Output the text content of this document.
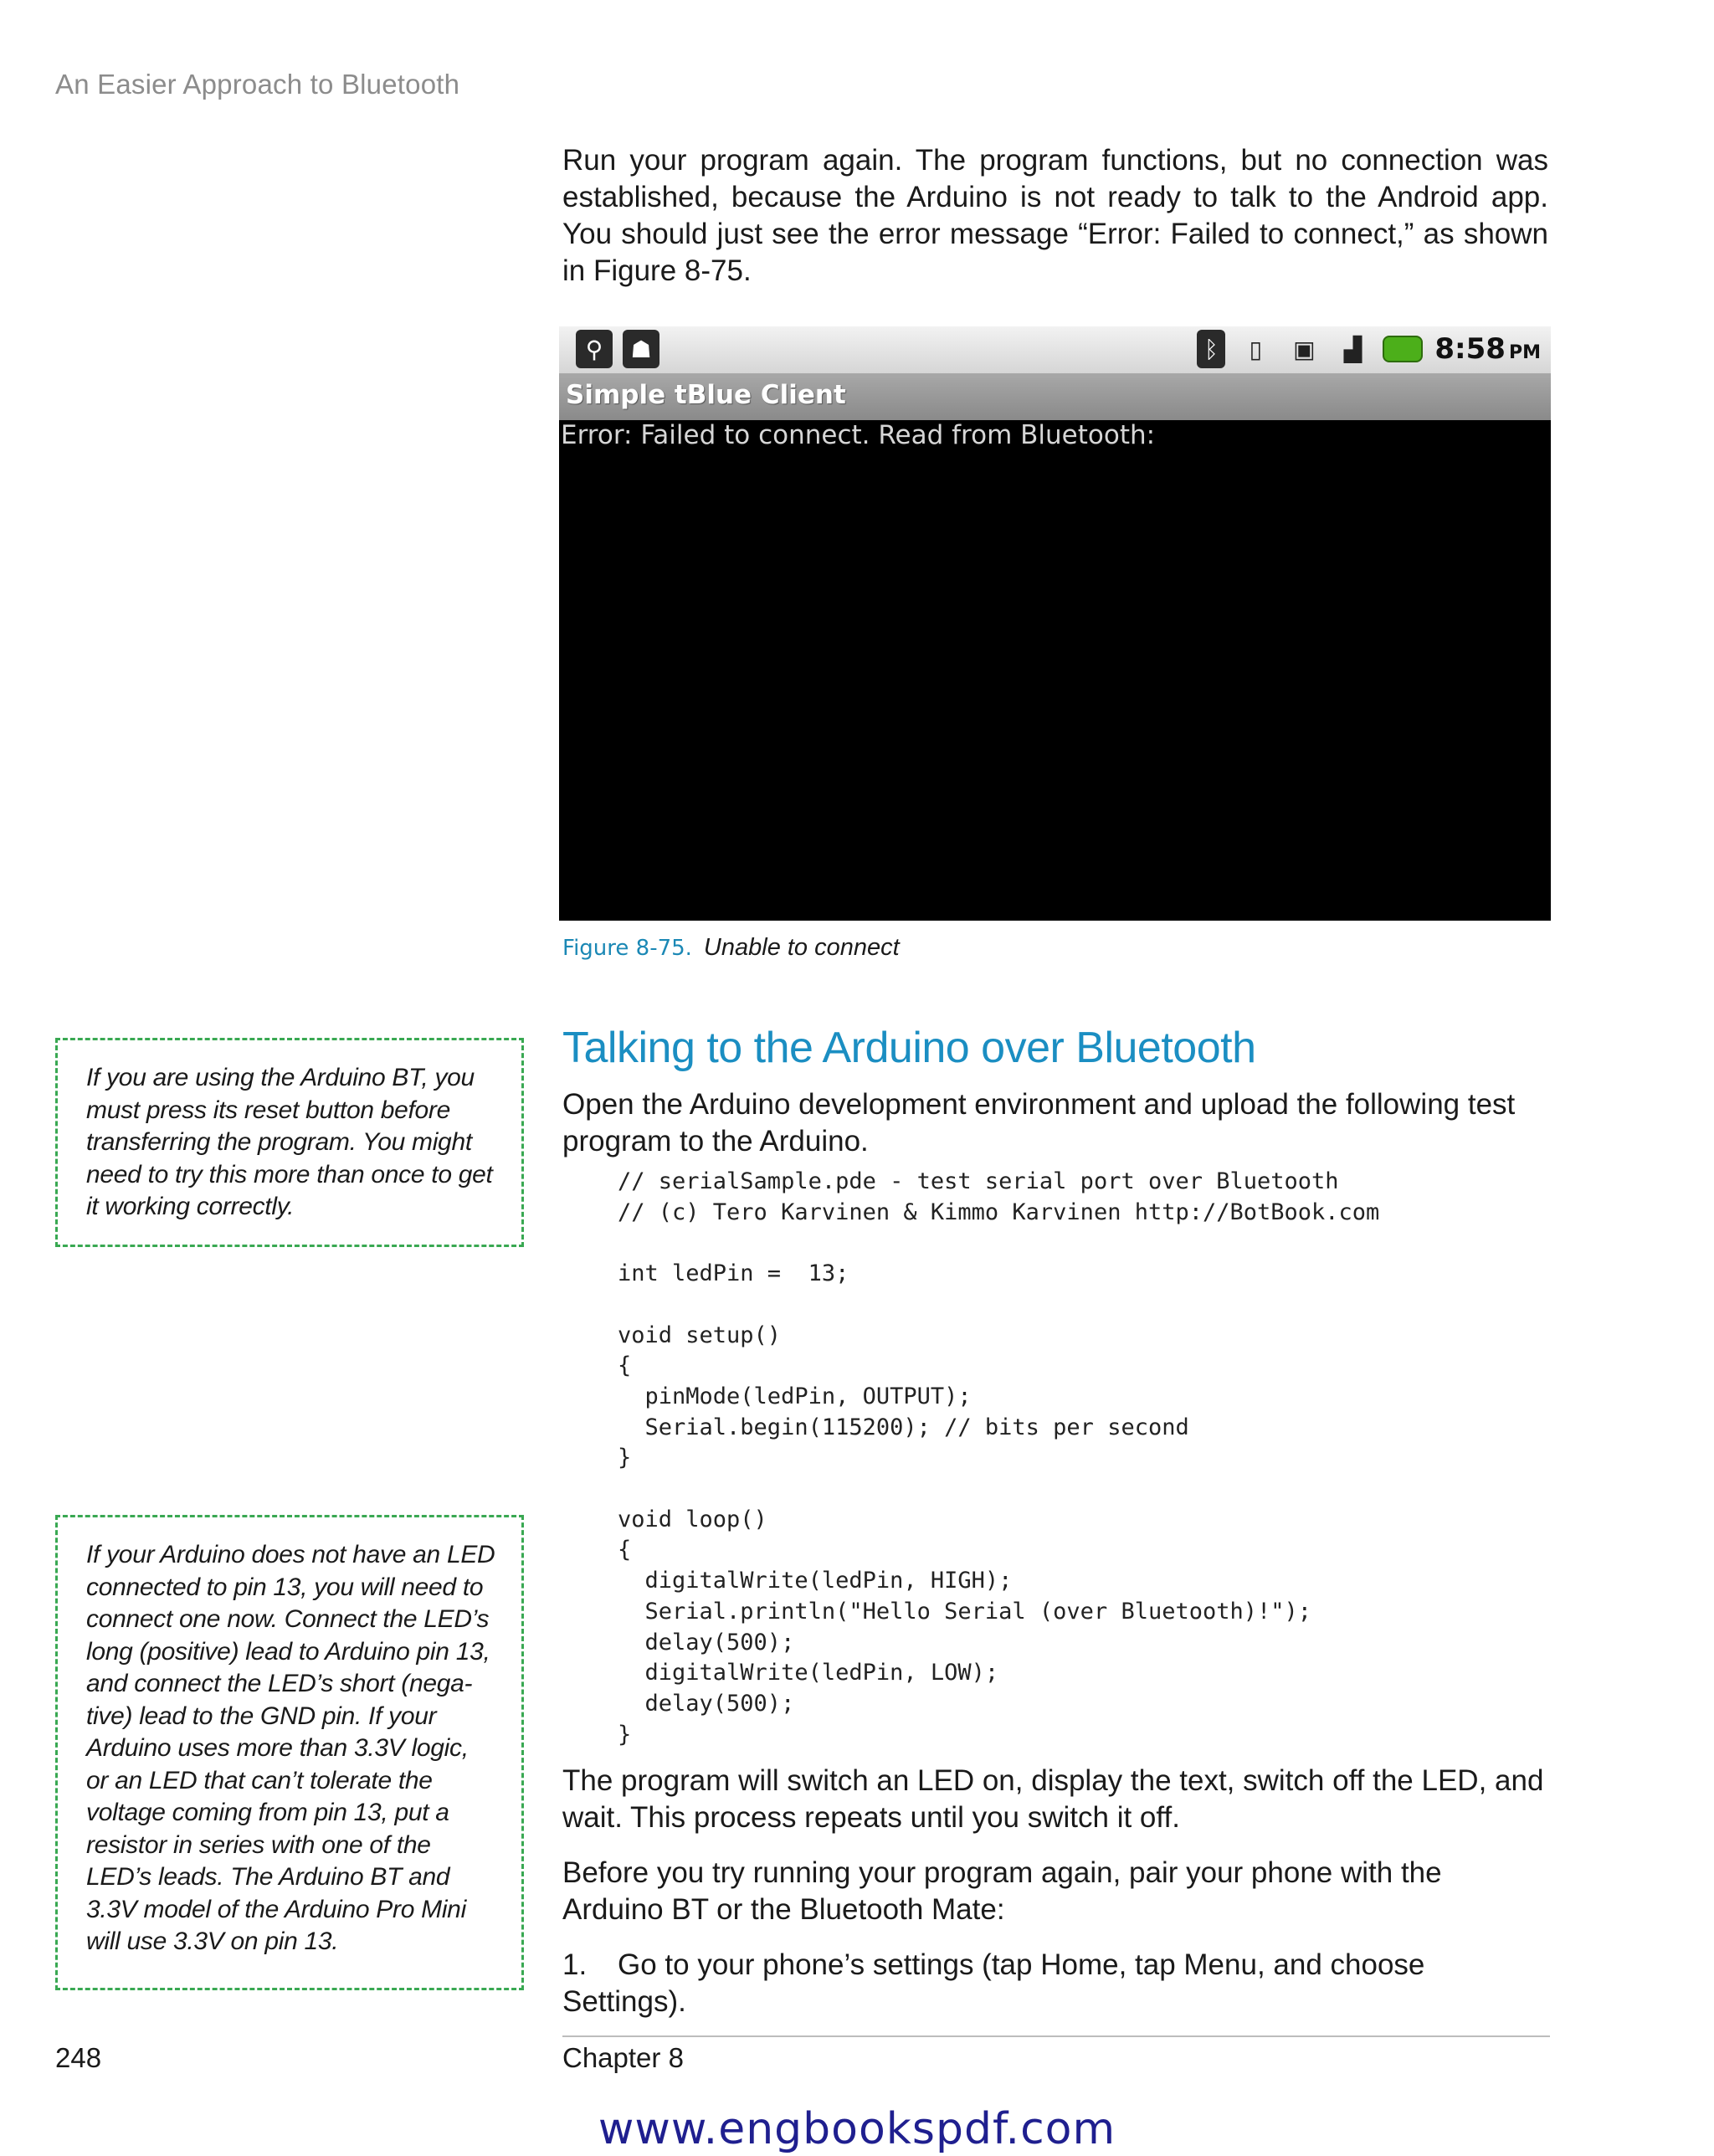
An Easier Approach to Bluetooth

Run your program again. The program functions, but no connection was established, because the Arduino is not ready to talk to the Android app. You should just see the error message “Error: Failed to connect,” as shown in Figure 8-75.

⚲	☗	ᛒ	▯	▣	▟	8:58 PM
Simple tBlue Client
Error: Failed to connect. Read from Bluetooth:
Figure 8-75. Unable to connect
Talking to the Arduino over Bluetooth

Open the Arduino development environment and upload the following test program to the Arduino.

// serialSample.pde - test serial port over Bluetooth
// (c) Tero Karvinen & Kimmo Karvinen http://BotBook.com

int ledPin =  13;

void setup()
{
pinMode(ledPin, OUTPUT);
Serial.begin(115200); // bits per second
}

void loop()
{
digitalWrite(ledPin, HIGH);
Serial.println("Hello Serial (over Bluetooth)!");
delay(500);
digitalWrite(ledPin, LOW);
delay(500);
}

The program will switch an LED on, display the text, switch off the LED, and wait. This process repeats until you switch it off.

Before you try running your program again, pair your phone with the Arduino BT or the Bluetooth Mate:

1. Go to your phone’s settings (tap Home, tap Menu, and choose Settings).

If you are using the Arduino BT, you must press its reset button before transferring the program. You might need to try this more than once to get it working correctly.

If your Arduino does not have an LED connected to pin 13, you will need to connect one now. Connect the LED’s long (positive) lead to Arduino pin 13, and connect the LED’s short (nega-tive) lead to the GND pin. If your Arduino uses more than 3.3V logic, or an LED that can’t tolerate the voltage coming from pin 13, put a resistor in series with one of the LED’s leads. The Arduino BT and 3.3V model of the Arduino Pro Mini will use 3.3V on pin 13.

248	Chapter 8
www.engbookspdf.com
